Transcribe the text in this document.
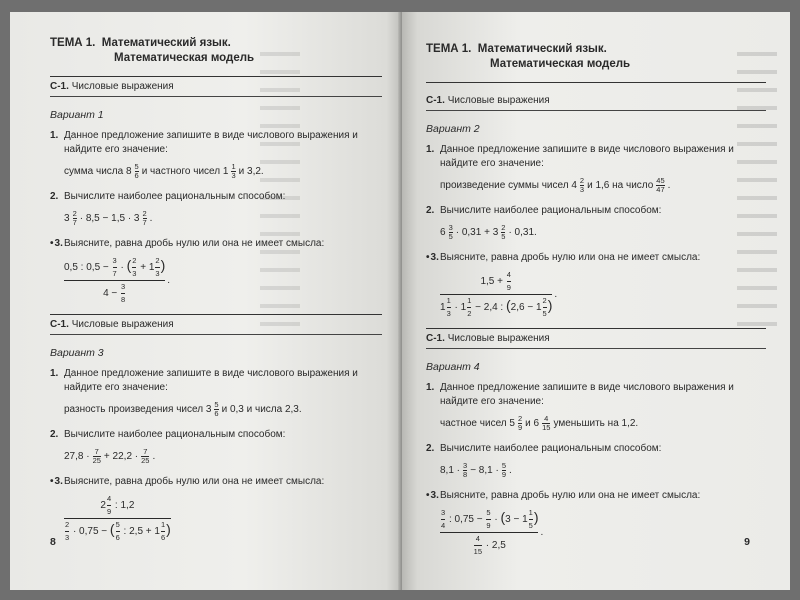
ТЕМА 1. Математический язык.
Математическая модель
С-1. Числовые выражения
Вариант 1
1. Данное предложение запишите в виде числового выражения и найдите его значение:
сумма числа 8 5
6 и частного чисел 1 1
3 и 3,2.
2. Вычислите наиболее рациональным способом:
3 2
7 · 8,5 − 1,5 · 3 2
7 .
• 3. Выясните, равна дробь нулю или она не имеет смысла:
0,5 : $0,5 - \frac{3}{7}$ · ( $\frac{2}{3} + 1 \frac{2}{3}$ )
$4 - \frac{3}{8}$
.
С-1. Числовые выражения
Вариант 3
1. Данное предложение запишите в виде числового выражения и найдите его значение:
разность произведения чисел 3 5
6 и 0,3 и числа 2,3.
2. Вычислите наиболее рациональным способом:
27,8 · 7
25 + 22,2 · 7
25 .
• 3. Выясните, равна дробь нулю или она не имеет смысла:
$2 \frac{4}{9}$ : 1,2
$\frac{2}{3} \cdot 0,75$ − ( $\frac{5}{6}$ : $2,5 + 1 \frac{1}{6}$ )
8
ТЕМА 1. Математический язык.
Математическая модель
С-1. Числовые выражения
Вариант 2
1. Данное предложение запишите в виде числового выражения и найдите его значение:
произведение суммы чисел 4 2
3 и 1,6 на число 45
47 .
2. Вычислите наиболее рациональным способом:
6 3
5 · 0,31 + 3 2
5 · 0,31.
• 3. Выясните, равна дробь нулю или она не имеет смысла:
$1,5 + \frac{4}{9}$
$1 \frac{1}{3} \cdot 1 \frac{1}{2} - 2,4$ : ($2,6 - 1 \frac{2}{5}$ )
.
С-1. Числовые выражения
Вариант 4
1. Данное предложение запишите в виде числового выражения и найдите его значение:
частное чисел 5 2
9 и 6 4
15 уменьшить на 1,2.
2. Вычислите наиболее рациональным способом:
8,1 · 3
8 − 8,1 · 5
9 .
• 3. Выясните, равна дробь нулю или она не имеет смысла:
$\frac{3}{4}$ : $0,75 - \frac{5}{9} \cdot (3 - 1 \frac{1}{5}$ )
$\frac{4}{15} \cdot 2,5$
.
9
